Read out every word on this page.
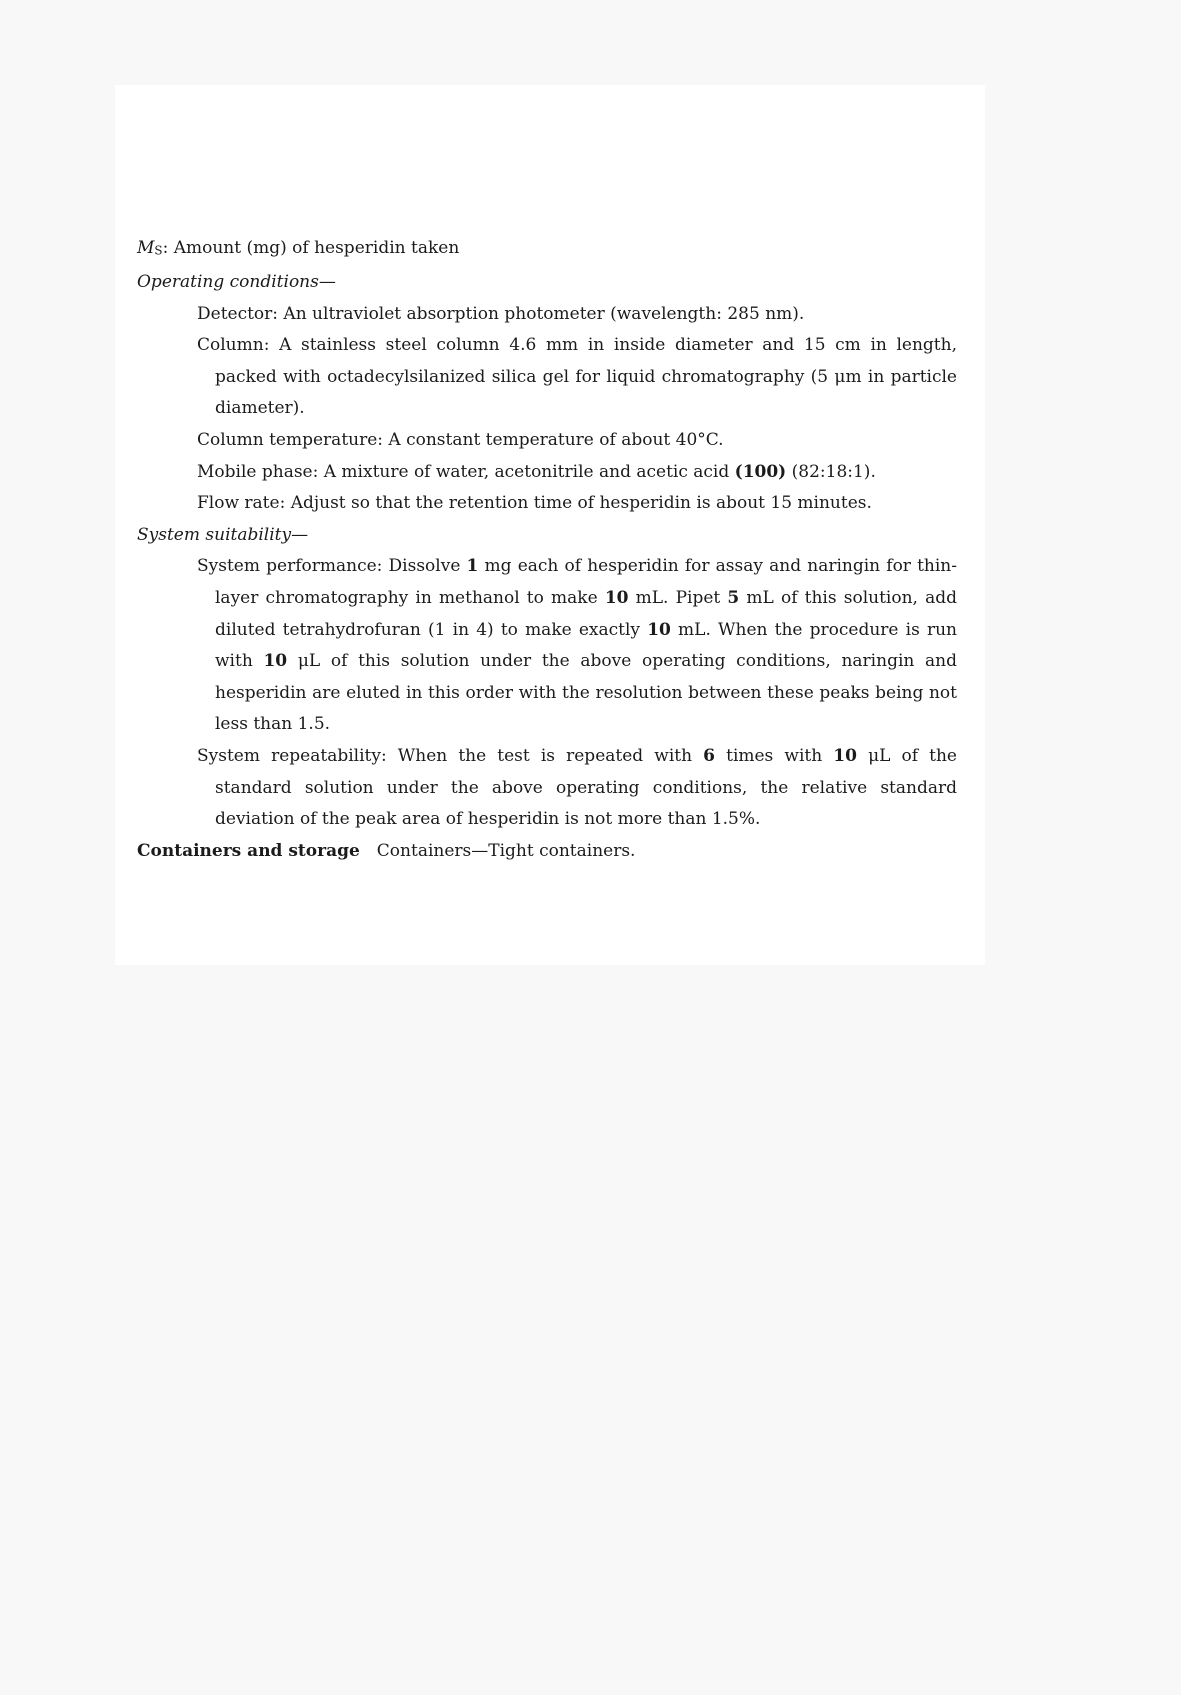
MS: Amount (mg) of hesperidin taken

Operating conditions—

Detector: An ultraviolet absorption photometer (wavelength: 285 nm).

Column: A stainless steel column 4.6 mm in inside diameter and 15 cm in length, packed with octadecylsilanized silica gel for liquid chromatography (5 μm in particle diameter).

Column temperature: A constant temperature of about 40°C.

Mobile phase: A mixture of water, acetonitrile and acetic acid (100) (82:18:1).

Flow rate: Adjust so that the retention time of hesperidin is about 15 minutes.

System suitability—

System performance: Dissolve 1 mg each of hesperidin for assay and naringin for thin-layer chromatography in methanol to make 10 mL. Pipet 5 mL of this solution, add diluted tetrahydrofuran (1 in 4) to make exactly 10 mL. When the procedure is run with 10 μL of this solution under the above operating conditions, naringin and hesperidin are eluted in this order with the resolution between these peaks being not less than 1.5.

System repeatability: When the test is repeated with 6 times with 10 μL of the standard solution under the above operating conditions, the relative standard deviation of the peak area of hesperidin is not more than 1.5%.

Containers and storage Containers—Tight containers.
